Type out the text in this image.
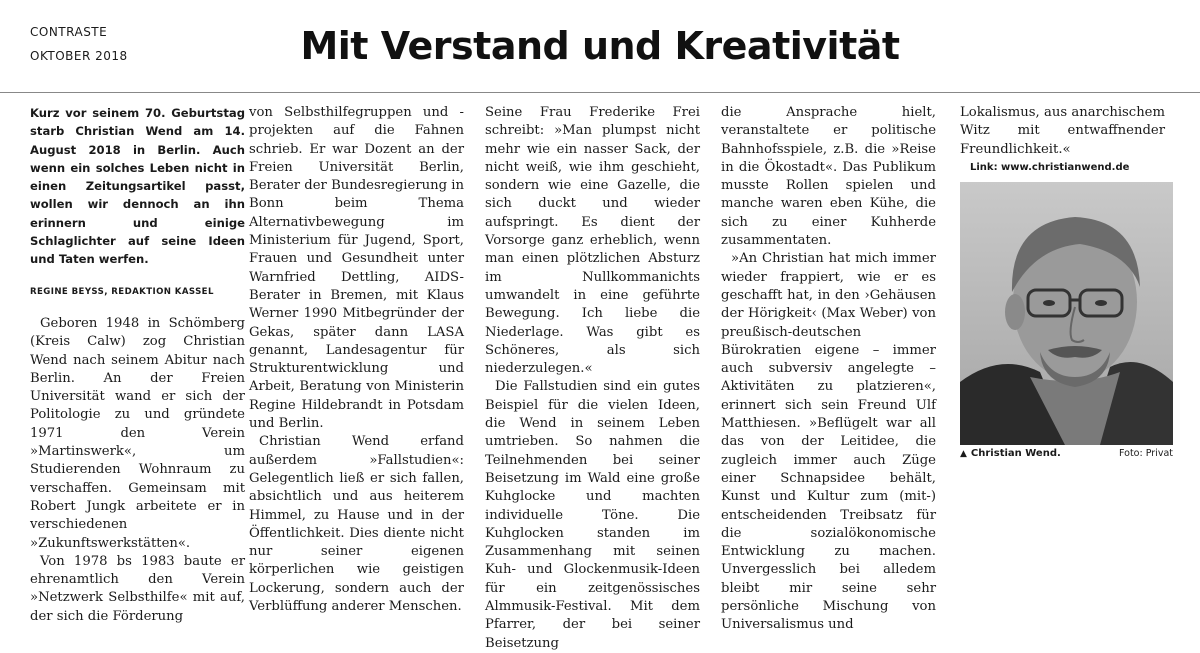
CONTRASTE
OKTOBER 2018	Mit Verstand und Kreativität

Kurz vor seinem 70. Geburtstag starb Christian Wend am 14. August 2018 in Berlin. Auch wenn ein solches Leben nicht in einen Zeitungsartikel passt, wollen wir dennoch an ihn erinnern und einige Schlaglichter auf seine Ideen und Taten werfen.

REGINE BEYSS, REDAKTION KASSEL

Geboren 1948 in Schömberg (Kreis Calw) zog Christian Wend nach seinem Abitur nach Berlin. An der Freien Universität wand er sich der Politologie zu und gründete 1971 den Verein »Martinswerk«, um Studierenden Wohnraum zu verschaffen. Gemeinsam mit Robert Jungk arbeitete er in verschiedenen »Zukunftswerkstätten«.

Von 1978 bs 1983 baute er ehrenamtlich den Verein »Netzwerk Selbsthilfe« mit auf, der sich die Förderung

von Selbsthilfegruppen und -projekten auf die Fahnen schrieb. Er war Dozent an der Freien Universität Berlin, Berater der Bundesregierung in Bonn beim Thema Alternativbewegung im Ministerium für Jugend, Sport, Frauen und Gesundheit unter Warnfried Dettling, AIDS-Berater in Bremen, mit Klaus Werner 1990 Mitbegründer der Gekas, später dann LASA genannt, Landesagentur für Strukturentwicklung und Arbeit, Beratung von Ministerin Regine Hildebrandt in Potsdam und Berlin.

Christian Wend erfand außerdem »Fallstudien«: Gelegentlich ließ er sich fallen, absichtlich und aus heiterem Himmel, zu Hause und in der Öffentlichkeit. Dies diente nicht nur seiner eigenen körperlichen wie geistigen Lockerung, sondern auch der Verblüffung anderer Menschen.

Seine Frau Frederike Frei schreibt: »Man plumpst nicht mehr wie ein nasser Sack, der nicht weiß, wie ihm geschieht, sondern wie eine Gazelle, die sich duckt und wieder aufspringt. Es dient der Vorsorge ganz erheblich, wenn man einen plötzlichen Absturz im Nullkommanichts umwandelt in eine geführte Bewegung. Ich liebe die Niederlage. Was gibt es Schöneres, als sich niederzulegen.«

Die Fallstudien sind ein gutes Beispiel für die vielen Ideen, die Wend in seinem Leben umtrieben. So nahmen die Teilnehmenden bei seiner Beisetzung im Wald eine große Kuhglocke und machten individuelle Töne. Die Kuhglocken standen im Zusammenhang mit seinen Kuh- und Glockenmusik-Ideen für ein zeitgenössisches Almmusik-Festival. Mit dem Pfarrer, der bei seiner Beisetzung

die Ansprache hielt, veranstaltete er politische Bahnhofsspiele, z.B. die »Reise in die Ökostadt«. Das Publikum musste Rollen spielen und manche waren eben Kühe, die sich zu einer Kuhherde zusammentaten.

»An Christian hat mich immer wieder frappiert, wie er es geschafft hat, in den ›Gehäusen der Hörigkeit‹ (Max Weber) von preußisch-deutschen Bürokratien eigene – immer auch subversiv angelegte – Aktivitäten zu platzieren«, erinnert sich sein Freund Ulf Matthiesen. »Beflügelt war all das von der Leitidee, die zugleich immer auch Züge einer Schnapsidee behält, Kunst und Kultur zum (mit-) entscheidenden Treibsatz für die sozialökonomische Entwicklung zu machen. Unvergesslich bei alledem bleibt mir seine sehr persönliche Mischung von Universalismus und

Lokalismus, aus anarchischem Witz mit entwaffnender Freundlichkeit.«

Link: www.christianwend.de

▲ Christian Wend.	Foto: Privat
